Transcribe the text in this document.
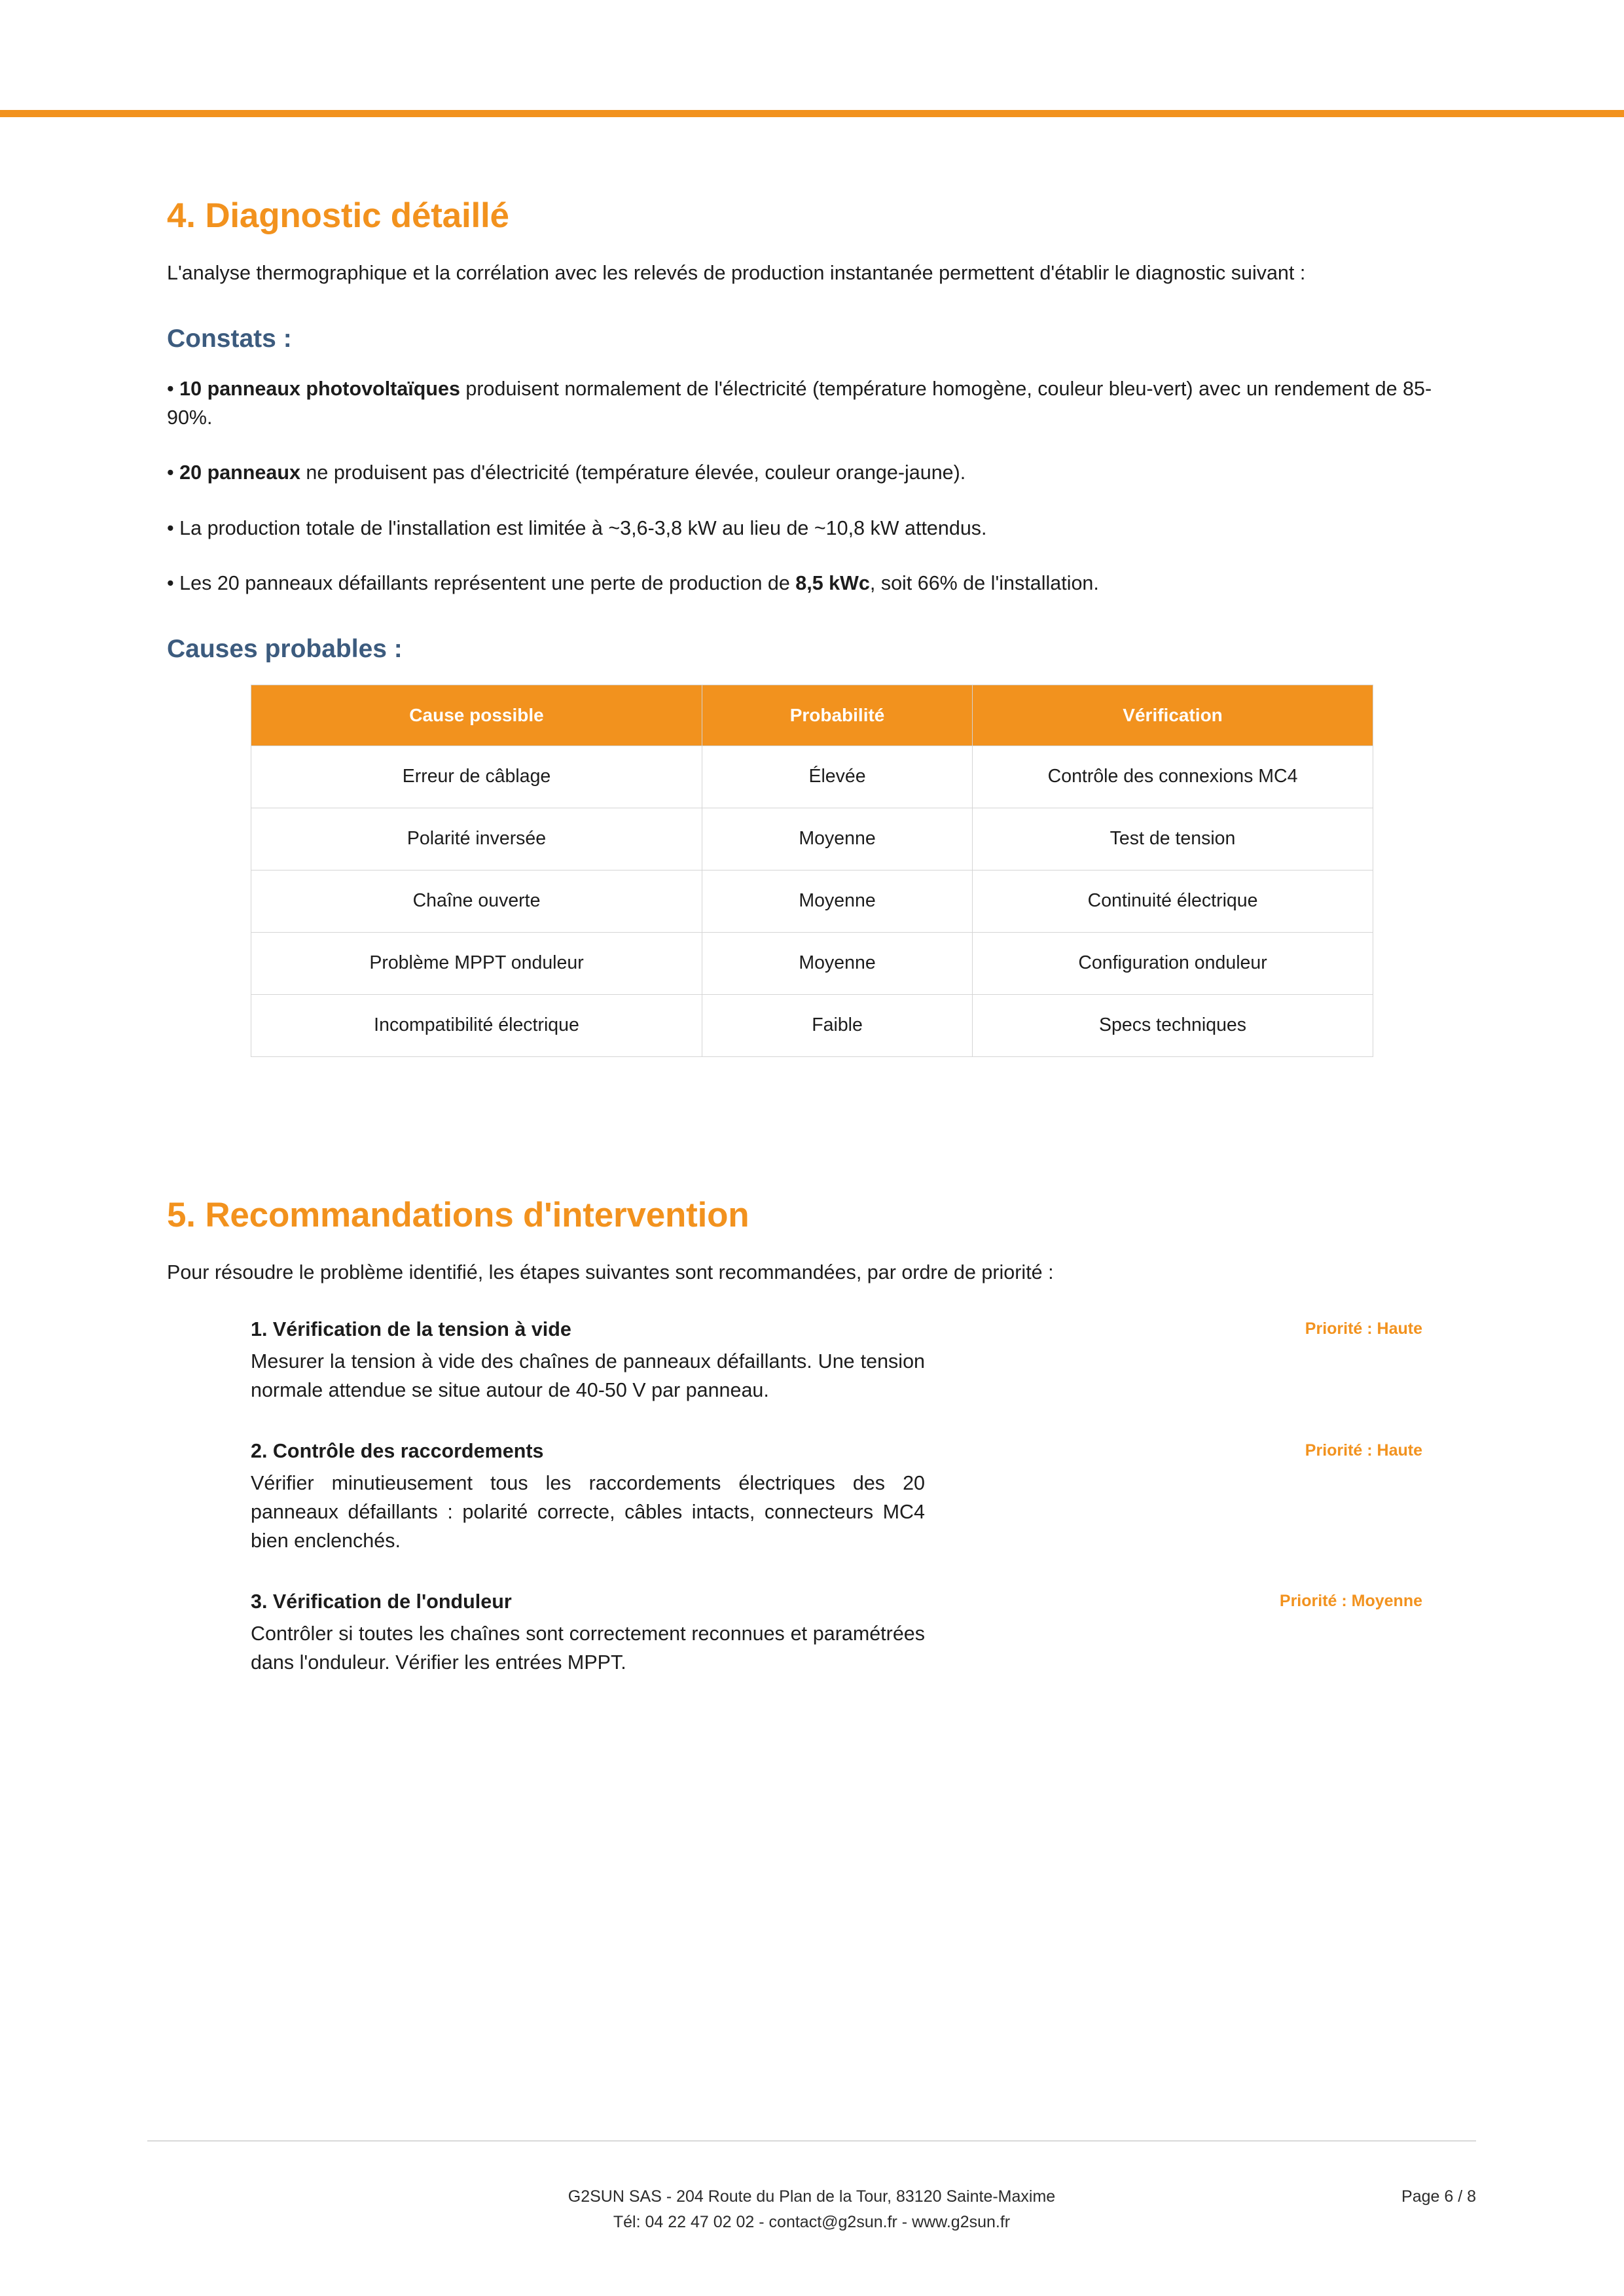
4. Diagnostic détaillé

L'analyse thermographique et la corrélation avec les relevés de production instantanée permettent d'établir le diagnostic suivant :

Constats :

• 10 panneaux photovoltaïques produisent normalement de l'électricité (température homogène, couleur bleu-vert) avec un rendement de 85-90%.

• 20 panneaux ne produisent pas d'électricité (température élevée, couleur orange-jaune).

• La production totale de l'installation est limitée à ~3,6-3,8 kW au lieu de ~10,8 kW attendus.

• Les 20 panneaux défaillants représentent une perte de production de 8,5 kWc, soit 66% de l'installation.

Causes probables :
Cause possible	Probabilité	Vérification
Erreur de câblage	Élevée	Contrôle des connexions MC4
Polarité inversée	Moyenne	Test de tension
Chaîne ouverte	Moyenne	Continuité électrique
Problème MPPT onduleur	Moyenne	Configuration onduleur
Incompatibilité électrique	Faible	Specs techniques
5. Recommandations d'intervention

Pour résoudre le problème identifié, les étapes suivantes sont recommandées, par ordre de priorité :

Priorité : Haute

1. Vérification de la tension à vide

Mesurer la tension à vide des chaînes de panneaux défaillants. Une tension normale attendue se situe autour de 40-50 V par panneau.

Priorité : Haute

2. Contrôle des raccordements

Vérifier minutieusement tous les raccordements électriques des 20 panneaux défaillants : polarité correcte, câbles intacts, connecteurs MC4 bien enclenchés.

Priorité : Moyenne

3. Vérification de l'onduleur

Contrôler si toutes les chaînes sont correctement reconnues et paramétrées dans l'onduleur. Vérifier les entrées MPPT.

G2SUN SAS - 204 Route du Plan de la Tour, 83120 Sainte-Maxime	Page 6 / 8
Tél: 04 22 47 02 02 - contact@g2sun.fr - www.g2sun.fr
